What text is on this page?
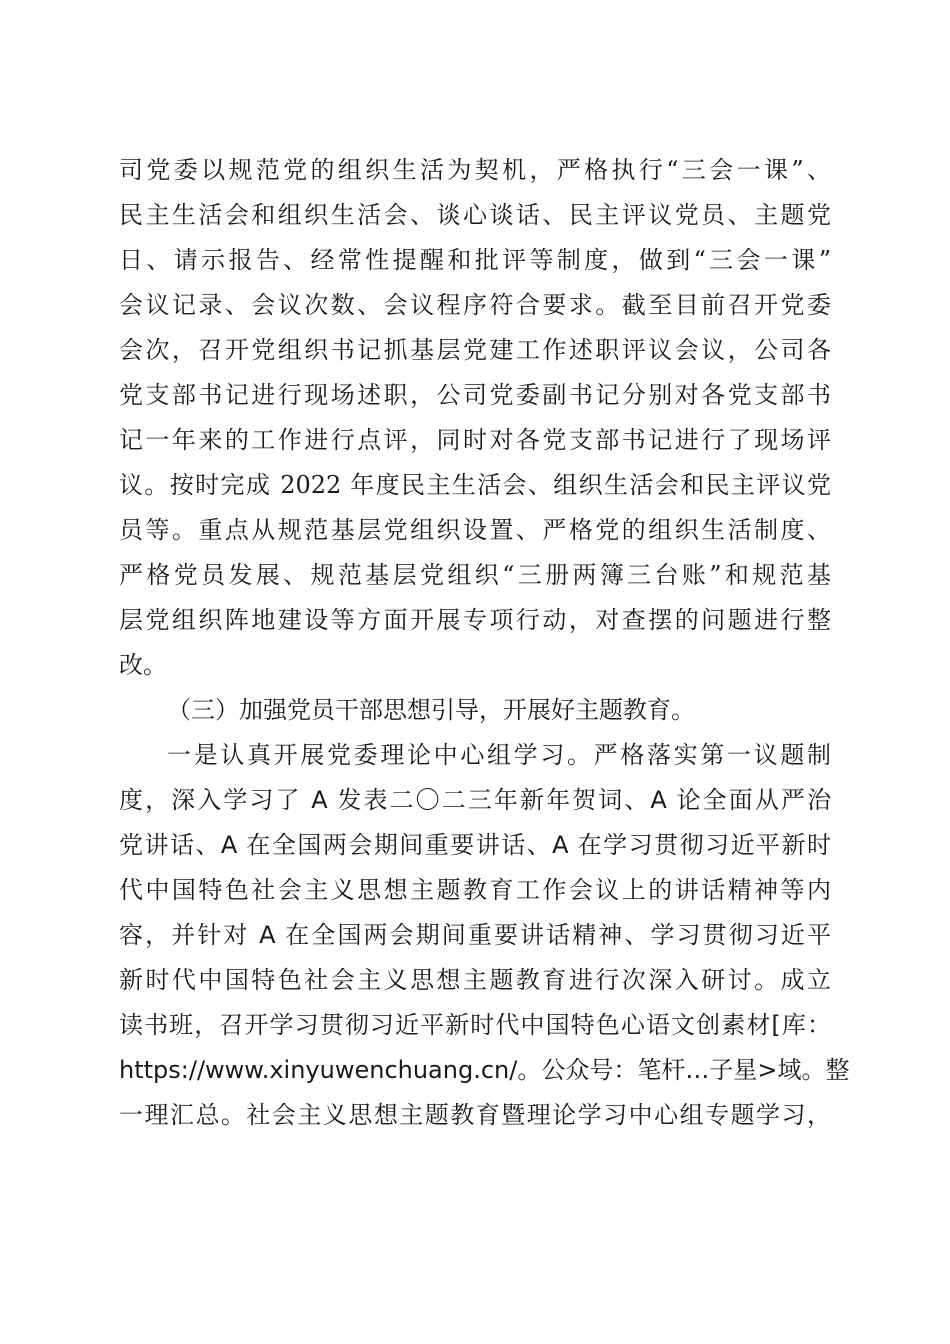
司党委以规范党的组织生活为契机，严格执行“三会一课”、
民主生活会和组织生活会、谈心谈话、民主评议党员、主题党
日、请示报告、经常性提醒和批评等制度，做到“三会一课”
会议记录、会议次数、会议程序符合要求。截至目前召开党委
会次，召开党组织书记抓基层党建工作述职评议会议，公司各
党支部书记进行现场述职，公司党委副书记分别对各党支部书
记一年来的工作进行点评，同时对各党支部书记进行了现场评
议。按时完成 2022 年度民主生活会、组织生活会和民主评议党
员等。重点从规范基层党组织设置、严格党的组织生活制度、
严格党员发展、规范基层党组织“三册两簿三台账”和规范基
层党组织阵地建设等方面开展专项行动，对查摆的问题进行整
改。
（三）加强党员干部思想引导，开展好主题教育。
一是认真开展党委理论中心组学习。严格落实第一议题制
度，深入学习了 A 发表二〇二三年新年贺词、A 论全面从严治
党讲话、A 在全国两会期间重要讲话、A 在学习贯彻习近平新时
代中国特色社会主义思想主题教育工作会议上的讲话精神等内
容，并针对 A 在全国两会期间重要讲话精神、学习贯彻习近平
新时代中国特色社会主义思想主题教育进行次深入研讨。成立
读书班，召开学习贯彻习近平新时代中国特色心语文创素材[库：
https://www.xinyuwenchuang.cn/。公众号：笔杆…子星>域。整
一理汇总。社会主义思想主题教育暨理论学习中心组专题学习，
